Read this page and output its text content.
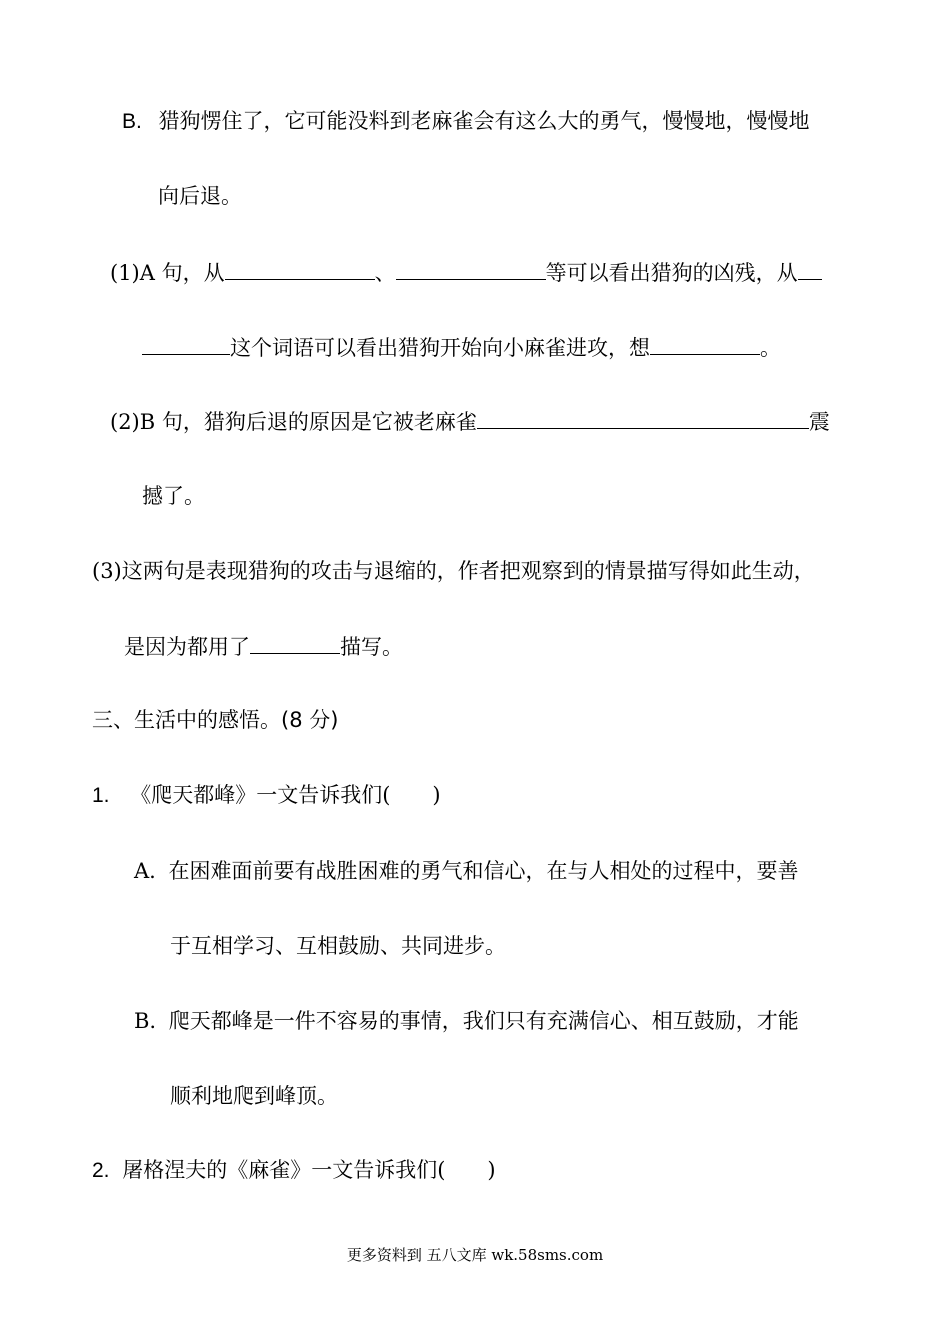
B. 猎狗愣住了，它可能没料到老麻雀会有这么大的勇气，慢慢地，慢慢地
向后退。
(1)A 句，从	、	等可以看出猎狗的凶残，从
这个词语可以看出猎狗开始向小麻雀进攻，想	。
(2)B 句，猎狗后退的原因是它被老麻雀	震
撼了。
(3)这两句是表现猎狗的攻击与退缩的，作者把观察到的情景描写得如此生动，
是因为都用了	描写。
三、生活中的感悟。(8 分)
1. 《爬天都峰》一文告诉我们(　　)
A. 在困难面前要有战胜困难的勇气和信心，在与人相处的过程中，要善
于互相学习、互相鼓励、共同进步。
B. 爬天都峰是一件不容易的事情，我们只有充满信心、相互鼓励，才能
顺利地爬到峰顶。
2. 屠格涅夫的《麻雀》一文告诉我们(　　)
更多资料到 五八文库 wk.58sms.com
